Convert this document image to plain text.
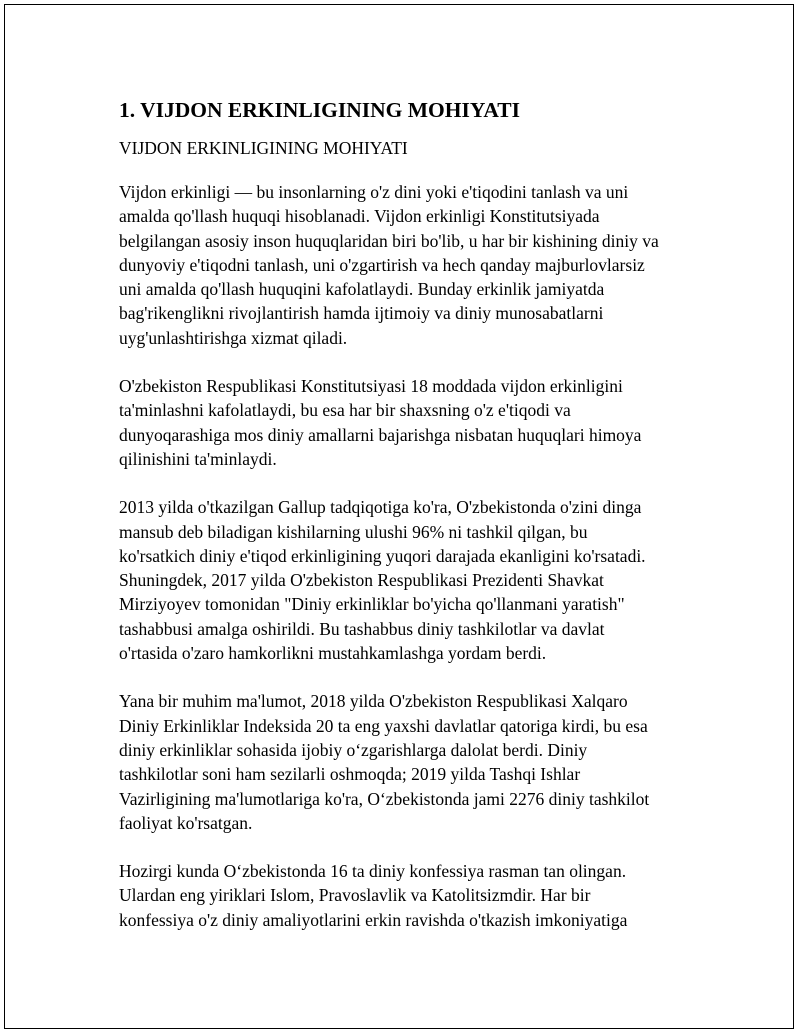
1. VIJDON ERKINLIGINING MOHIYATI
VIJDON ERKINLIGINING MOHIYATI

Vijdon erkinligi — bu insonlarning o'z dini yoki e'tiqodini tanlash va uni
amalda qo'llash huquqi hisoblanadi. Vijdon erkinligi Konstitutsiyada
belgilangan asosiy inson huquqlaridan biri bo'lib, u har bir kishining diniy va
dunyoviy e'tiqodni tanlash, uni o'zgartirish va hech qanday majburlovlarsiz
uni amalda qo'llash huquqini kafolatlaydi. Bunday erkinlik jamiyatda
bag'rikenglikni rivojlantirish hamda ijtimoiy va diniy munosabatlarni
uyg'unlashtirishga xizmat qiladi.

O'zbekiston Respublikasi Konstitutsiyasi 18 moddada vijdon erkinligini
ta'minlashni kafolatlaydi, bu esa har bir shaxsning o'z e'tiqodi va
dunyoqarashiga mos diniy amallarni bajarishga nisbatan huquqlari himoya
qilinishini ta'minlaydi.

2013 yilda o'tkazilgan Gallup tadqiqotiga ko'ra, O'zbekistonda o'zini dinga
mansub deb biladigan kishilarning ulushi 96% ni tashkil qilgan, bu
ko'rsatkich diniy e'tiqod erkinligining yuqori darajada ekanligini ko'rsatadi.
Shuningdek, 2017 yilda O'zbekiston Respublikasi Prezidenti Shavkat
Mirziyoyev tomonidan "Diniy erkinliklar bo'yicha qo'llanmani yaratish"
tashabbusi amalga oshirildi. Bu tashabbus diniy tashkilotlar va davlat
o'rtasida o'zaro hamkorlikni mustahkamlashga yordam berdi.

Yana bir muhim ma'lumot, 2018 yilda O'zbekiston Respublikasi Xalqaro
Diniy Erkinliklar Indeksida 20 ta eng yaxshi davlatlar qatoriga kirdi, bu esa
diniy erkinliklar sohasida ijobiy o‘zgarishlarga dalolat berdi. Diniy
tashkilotlar soni ham sezilarli oshmoqda; 2019 yilda Tashqi Ishlar
Vazirligining ma'lumotlariga ko'ra, O‘zbekistonda jami 2276 diniy tashkilot
faoliyat ko'rsatgan.

Hozirgi kunda O‘zbekistonda 16 ta diniy konfessiya rasman tan olingan.
Ulardan eng yiriklari Islom, Pravoslavlik va Katolitsizmdir. Har bir
konfessiya o'z diniy amaliyotlarini erkin ravishda o'tkazish imkoniyatiga
